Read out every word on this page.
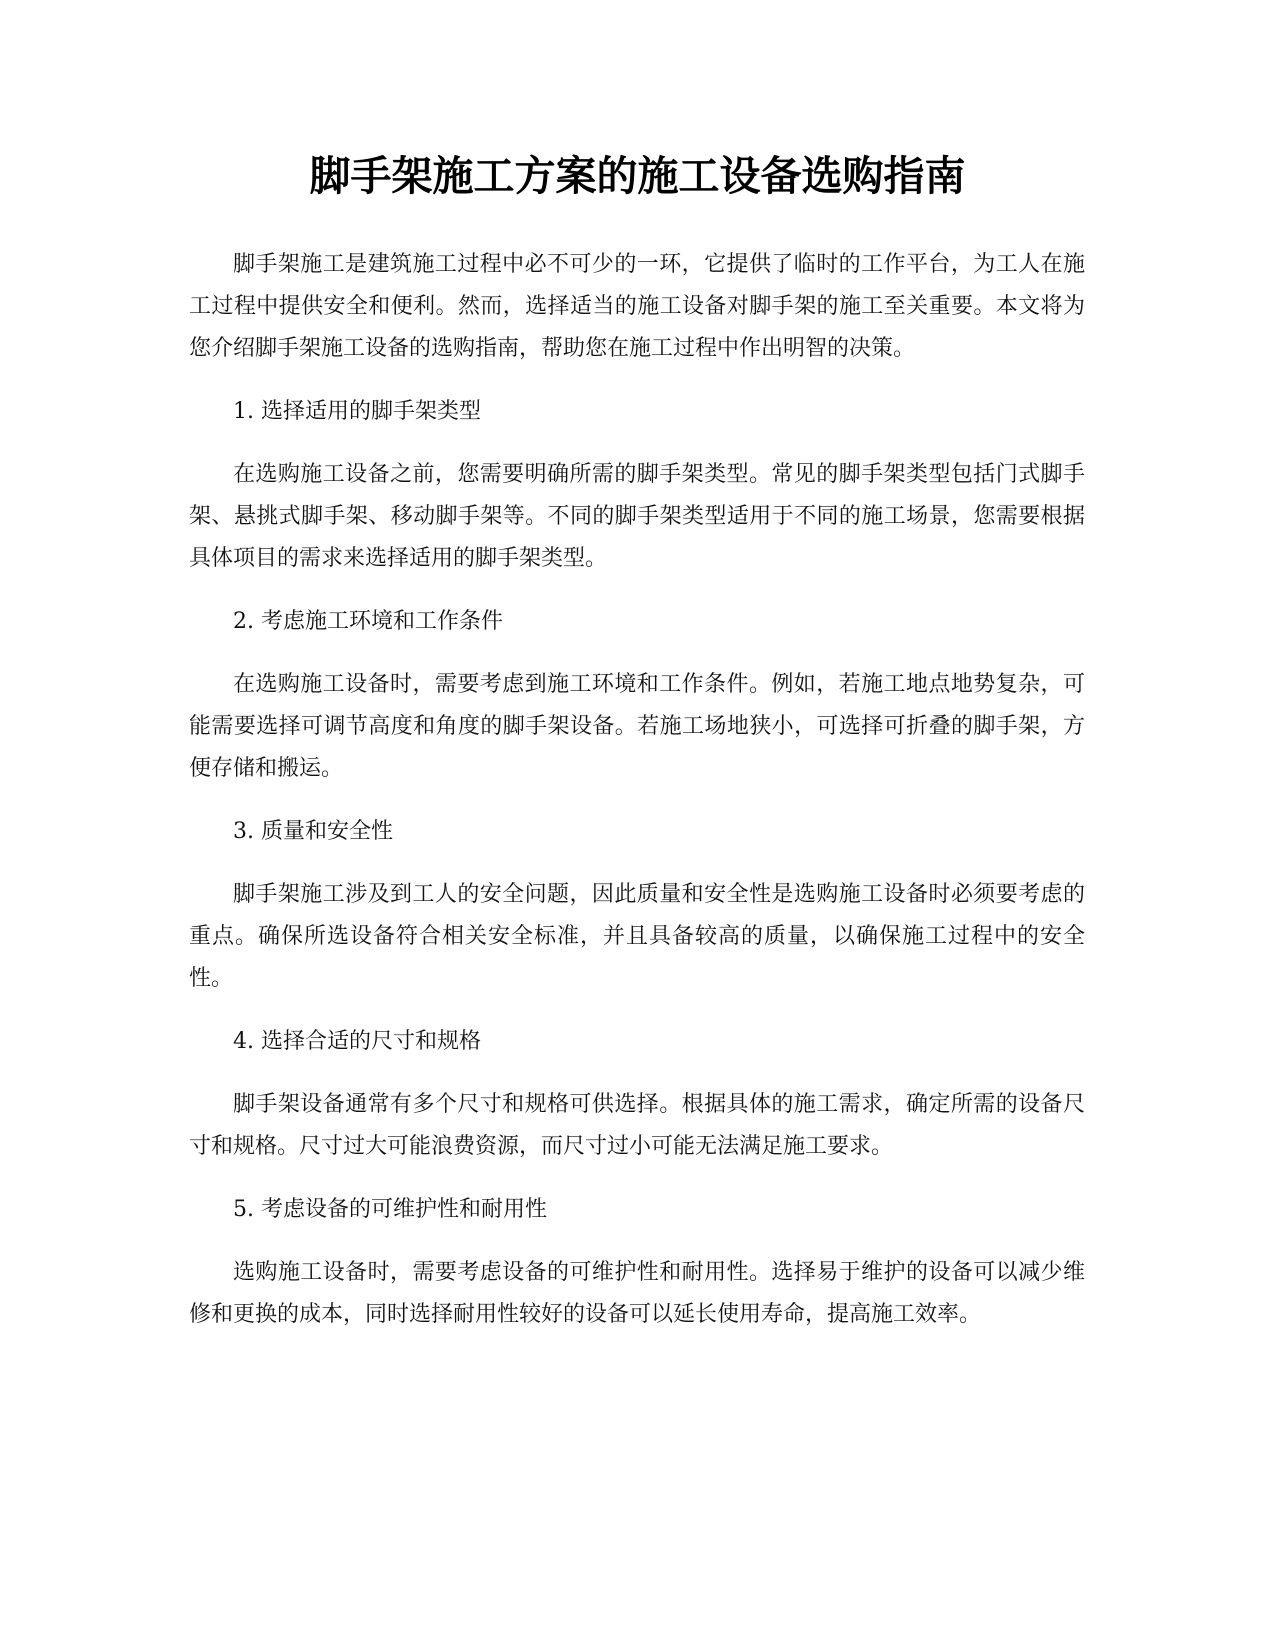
脚手架施工方案的施工设备选购指南

脚手架施工是建筑施工过程中必不可少的一环，它提供了临时的工作平台，为工人在施工过程中提供安全和便利。然而，选择适当的施工设备对脚手架的施工至关重要。本文将为您介绍脚手架施工设备的选购指南，帮助您在施工过程中作出明智的决策。

1. 选择适用的脚手架类型

在选购施工设备之前，您需要明确所需的脚手架类型。常见的脚手架类型包括门式脚手架、悬挑式脚手架、移动脚手架等。不同的脚手架类型适用于不同的施工场景，您需要根据具体项目的需求来选择适用的脚手架类型。

2. 考虑施工环境和工作条件

在选购施工设备时，需要考虑到施工环境和工作条件。例如，若施工地点地势复杂，可能需要选择可调节高度和角度的脚手架设备。若施工场地狭小，可选择可折叠的脚手架，方便存储和搬运。

3. 质量和安全性

脚手架施工涉及到工人的安全问题，因此质量和安全性是选购施工设备时必须要考虑的重点。确保所选设备符合相关安全标准，并且具备较高的质量，以确保施工过程中的安全性。

4. 选择合适的尺寸和规格

脚手架设备通常有多个尺寸和规格可供选择。根据具体的施工需求，确定所需的设备尺寸和规格。尺寸过大可能浪费资源，而尺寸过小可能无法满足施工要求。

5. 考虑设备的可维护性和耐用性

选购施工设备时，需要考虑设备的可维护性和耐用性。选择易于维护的设备可以减少维修和更换的成本，同时选择耐用性较好的设备可以延长使用寿命，提高施工效率。
